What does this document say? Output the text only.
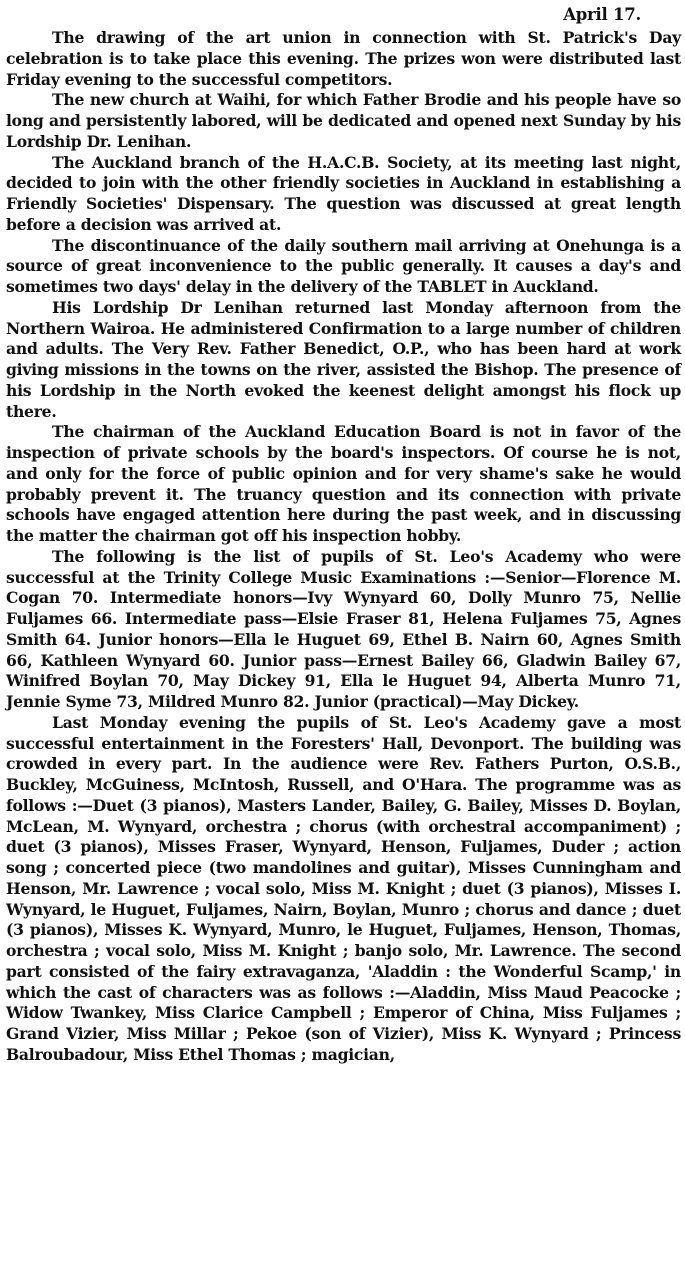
April 17.

The drawing of the art union in connection with St. Patrick's Day celebration is to take place this evening. The prizes won were distributed last Friday evening to the successful competitors.

The new church at Waihi, for which Father Brodie and his people have so long and persistently labored, will be dedicated and opened next Sunday by his Lordship Dr. Lenihan.

The Auckland branch of the H.A.C.B. Society, at its meeting last night, decided to join with the other friendly societies in Auckland in establishing a Friendly Societies' Dispensary. The question was discussed at great length before a decision was arrived at.

The discontinuance of the daily southern mail arriving at Onehunga is a source of great inconvenience to the public generally. It causes a day's and sometimes two days' delay in the delivery of the TABLET in Auckland.

His Lordship Dr Lenihan returned last Monday afternoon from the Northern Wairoa. He administered Confirmation to a large number of children and adults. The Very Rev. Father Benedict, O.P., who has been hard at work giving missions in the towns on the river, assisted the Bishop. The presence of his Lordship in the North evoked the keenest delight amongst his flock up there.

The chairman of the Auckland Education Board is not in favor of the inspection of private schools by the board's inspectors. Of course he is not, and only for the force of public opinion and for very shame's sake he would probably prevent it. The truancy question and its connection with private schools have engaged attention here during the past week, and in discussing the matter the chairman got off his inspection hobby.

The following is the list of pupils of St. Leo's Academy who were successful at the Trinity College Music Examinations :—Senior—Florence M. Cogan 70. Intermediate honors—Ivy Wynyard 60, Dolly Munro 75, Nellie Fuljames 66. Intermediate pass—Elsie Fraser 81, Helena Fuljames 75, Agnes Smith 64. Junior honors—Ella le Huguet 69, Ethel B. Nairn 60, Agnes Smith 66, Kathleen Wynyard 60. Junior pass—Ernest Bailey 66, Gladwin Bailey 67, Winifred Boylan 70, May Dickey 91, Ella le Huguet 94, Alberta Munro 71, Jennie Syme 73, Mildred Munro 82. Junior (practical)—May Dickey.

Last Monday evening the pupils of St. Leo's Academy gave a most successful entertainment in the Foresters' Hall, Devonport. The building was crowded in every part. In the audience were Rev. Fathers Purton, O.S.B., Buckley, McGuiness, McIntosh, Russell, and O'Hara. The programme was as follows :—Duet (3 pianos), Masters Lander, Bailey, G. Bailey, Misses D. Boylan, McLean, M. Wynyard, orchestra ; chorus (with orchestral accompaniment) ; duet (3 pianos), Misses Fraser, Wynyard, Henson, Fuljames, Duder ; action song ; concerted piece (two mandolines and guitar), Misses Cunningham and Henson, Mr. Lawrence ; vocal solo, Miss M. Knight ; duet (3 pianos), Misses I. Wynyard, le Huguet, Fuljames, Nairn, Boylan, Munro ; chorus and dance ; duet (3 pianos), Misses K. Wynyard, Munro, le Huguet, Fuljames, Henson, Thomas, orchestra ; vocal solo, Miss M. Knight ; banjo solo, Mr. Lawrence. The second part consisted of the fairy extravaganza, 'Aladdin : the Wonderful Scamp,' in which the cast of characters was as follows :—Aladdin, Miss Maud Peacocke ; Widow Twankey, Miss Clarice Campbell ; Emperor of China, Miss Fuljames ; Grand Vizier, Miss Millar ; Pekoe (son of Vizier), Miss K. Wynyard ; Princess Balroubadour, Miss Ethel Thomas ; magician,
